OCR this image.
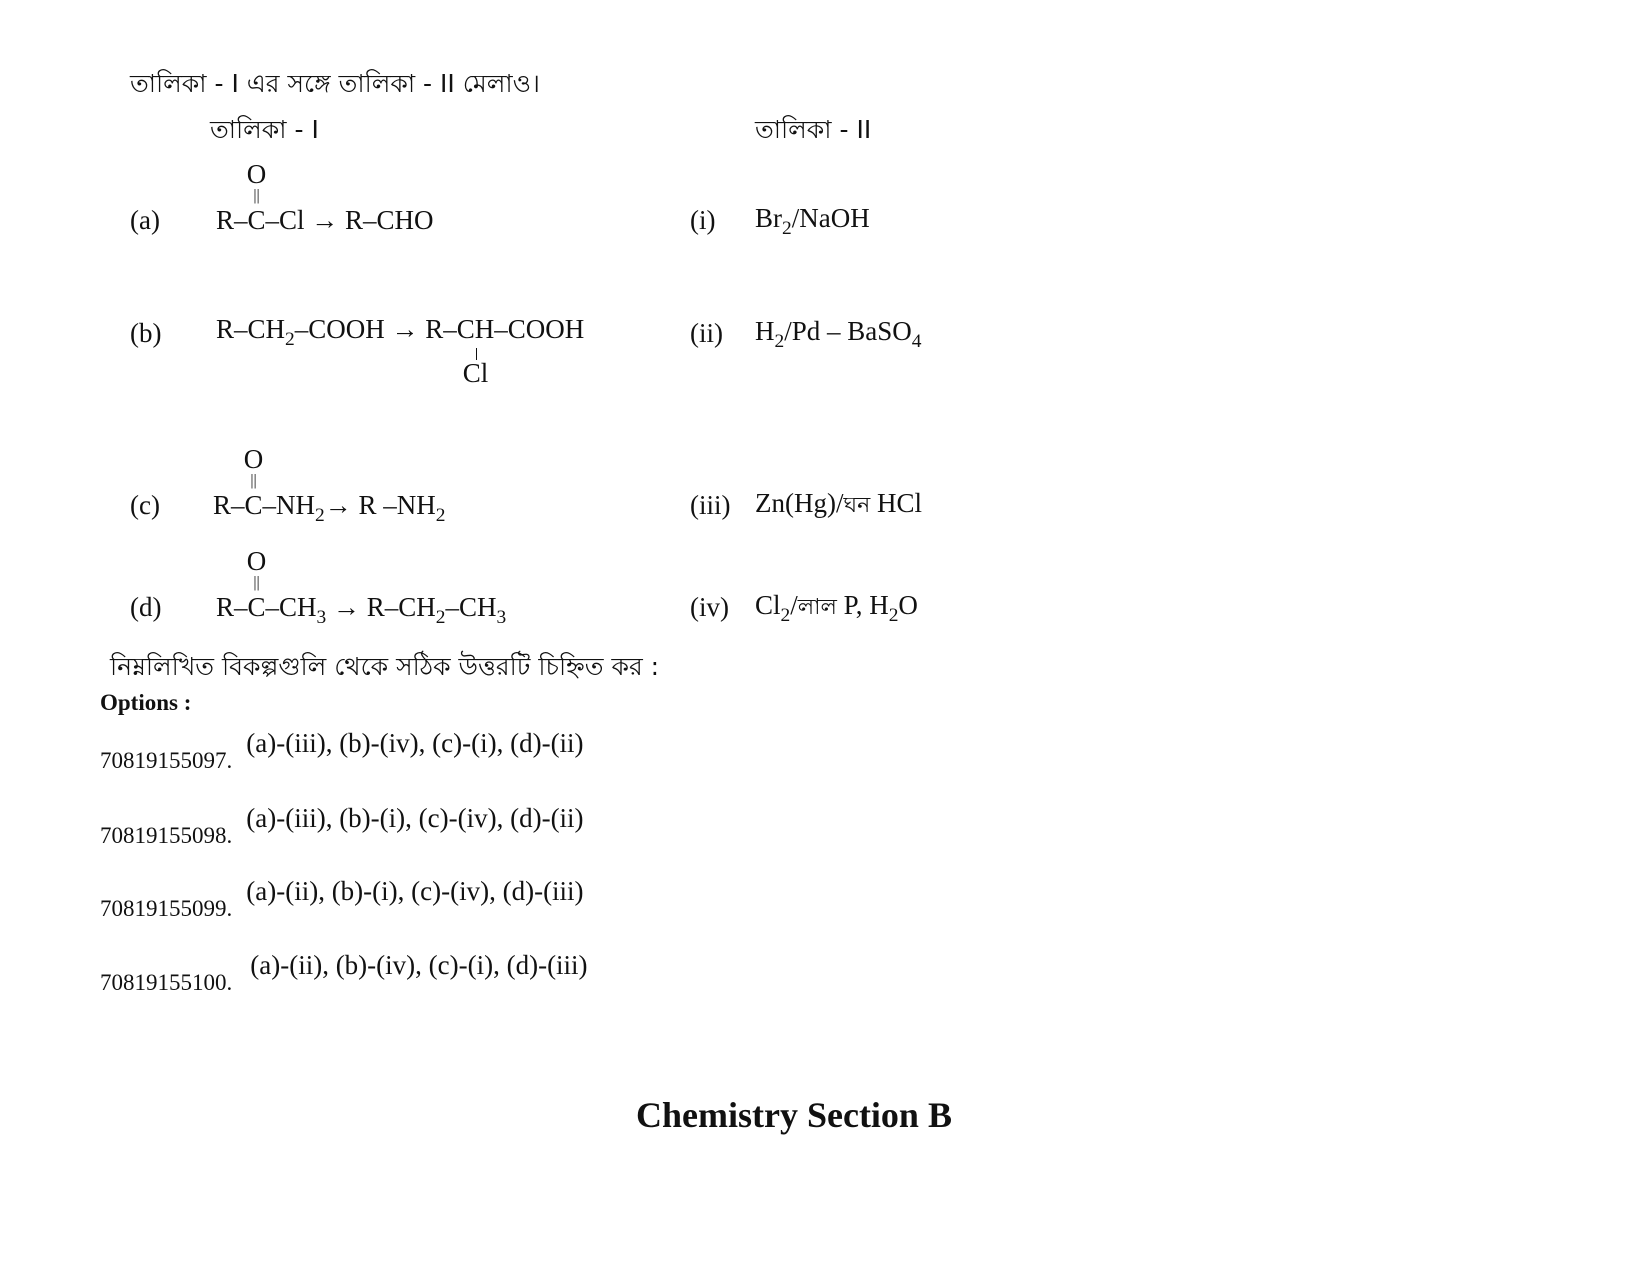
তালিকা - I এর সঙ্গে তালিকা - II মেলাও।
তালিকা - I	তালিকা - II
(a) R–C
O
||
–Cl → R–CHO	(i) $Br_2$/NaOH
(b) $R-CH_2$–COOH → R–CH
Cl
–COOH	(ii) $H_2/Pd$ – BaSO$_4$
(c) R–C
O
||
$-NH_2\to R$ $-NH_2$	(iii) Zn(Hg)/ঘন HCl
(d) R–C
O
||
$-CH_3 \to R-CH_2-CH_3$	(iv) $Cl_2/লাল$ P, $H_2O$
নিম্নলিখিত বিকল্পগুলি থেকে সঠিক উত্তরটি চিহ্নিত কর :
Options :
70819155097. (a)-(iii), (b)-(iv), (c)-(i), (d)-(ii)
70819155098. (a)-(iii), (b)-(i), (c)-(iv), (d)-(ii)
70819155099. (a)-(ii), (b)-(i), (c)-(iv), (d)-(iii)
70819155100. (a)-(ii), (b)-(iv), (c)-(i), (d)-(iii)
Chemistry Section B
